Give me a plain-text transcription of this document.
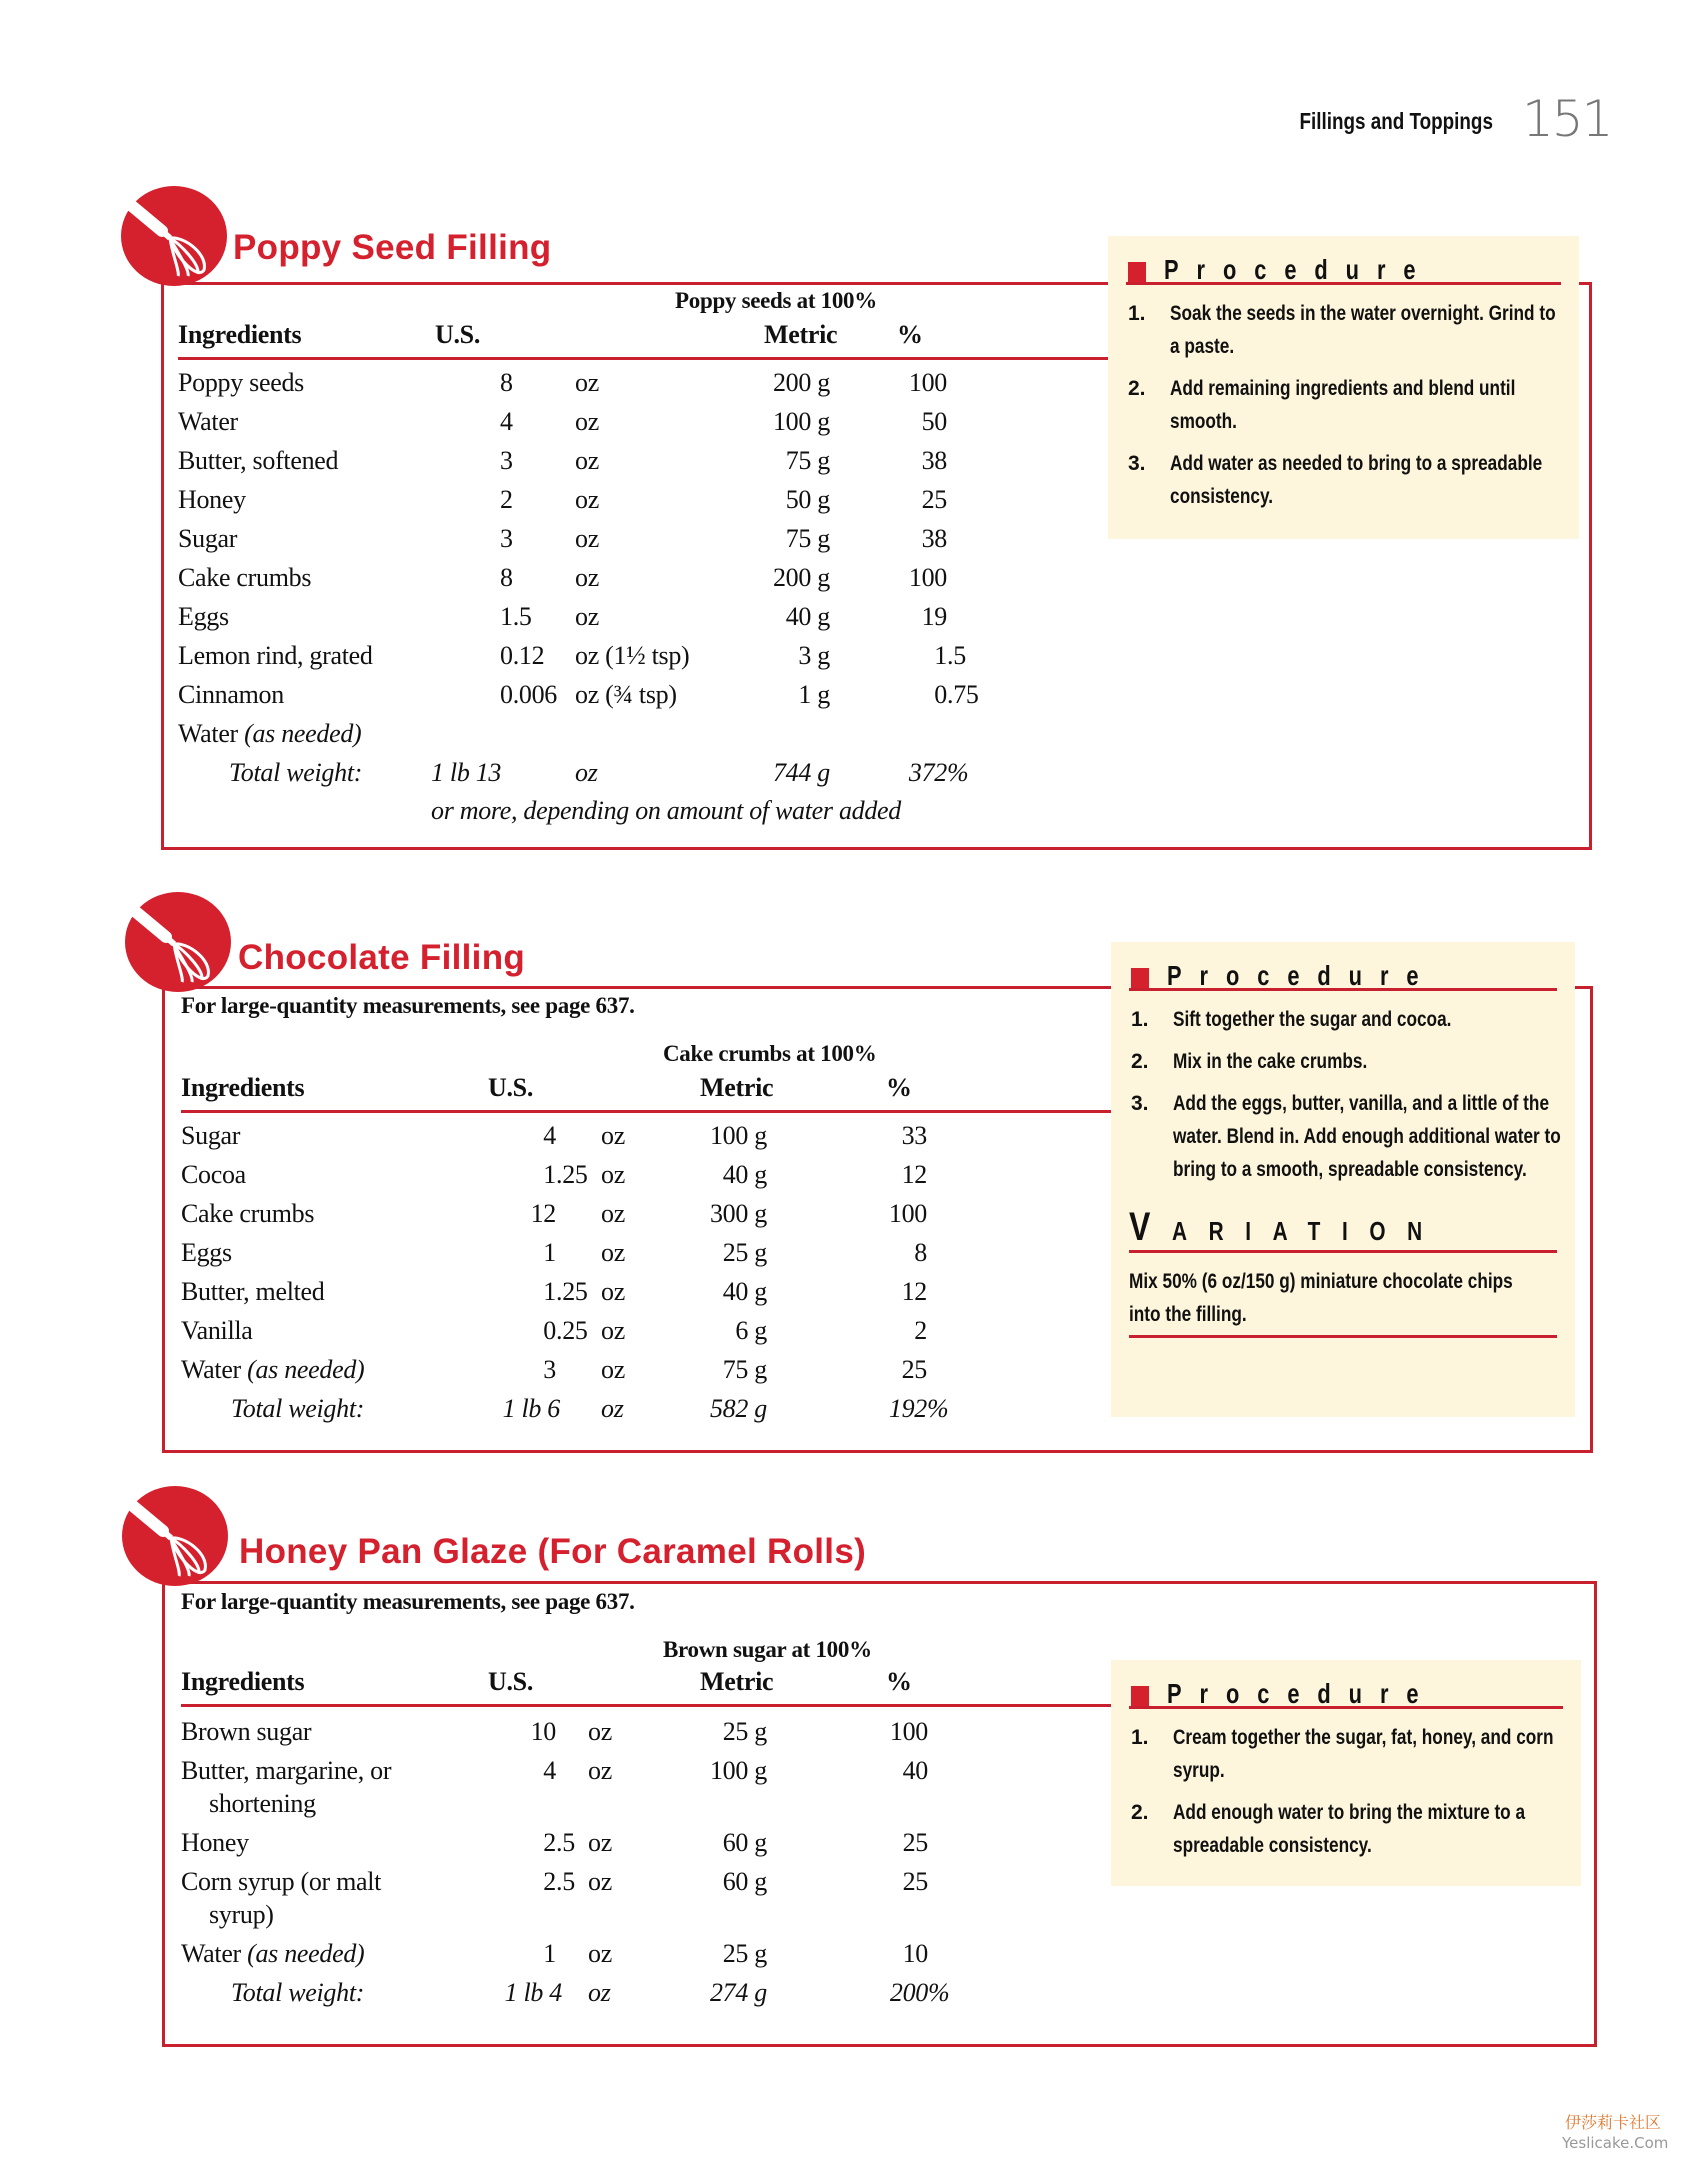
Fillings and Toppings 151
伊莎莉卡社区
Yeslicake.Com
Poppy Seed Filling
Poppy seeds at 100%
Ingredients	U.S.	Metric %
Poppy seeds	8 oz	200 g	100
Water	4 oz	100 g	50
Butter, softened	3 oz	75 g	38
Honey	2 oz	50 g	25
Sugar	3 oz	75 g	38
Cake crumbs	8 oz	200 g	100
Eggs	1.5 oz	40 g	19
Lemon rind, grated	0.12 oz (1½ tsp)	3 g	1.5
Cinnamon	0.006 oz (¾ tsp)	1 g	0.75
Water (as needed)
Total weight:	1 lb 13	oz	744 g	372%
or more, depending on amount of water added
Procedure
1. Soak the seeds in the water overnight. Grind to a paste.
2. Add remaining ingredients and blend until smooth.
3. Add water as needed to bring to a spreadable consistency.
Chocolate Filling
For large-quantity measurements, see page 637.
Cake crumbs at 100%
Ingredients	U.S.	Metric	%
Sugar	4 oz	100 g	33
Cocoa	1.25 oz	40 g	12
Cake crumbs	12 oz	300 g	100
Eggs	1 oz	25 g	8
Butter, melted	1.25 oz	40 g	12
Vanilla	0.25 oz	6 g	2
Water (as needed)	3 oz	75 g	25
Total weight:	1 lb 6 oz	582 g	192%
Procedure
1. Sift together the sugar and cocoa.
2. Mix in the cake crumbs.
3. Add the eggs, butter, vanilla, and a little of the water. Blend in. Add enough additional water to bring to a smooth, spreadable consistency.
VARIATION
Mix 50% (6 oz/150 g) miniature chocolate chips into the filling.
Honey Pan Glaze (For Caramel Rolls)
For large-quantity measurements, see page 637.
Brown sugar at 100%
Ingredients	U.S.	Metric	%
Brown sugar	10 oz	25 g	100
Butter, margarine, or	4 oz	100 g	40
shortening
Honey	2.5 oz	60 g	25
Corn syrup (or malt	2.5 oz	60 g	25
syrup)
Water (as needed)	1 oz	25 g	10
Total weight:	1 lb 4 oz	274 g	200%
Procedure
1. Cream together the sugar, fat, honey, and corn syrup.
2. Add enough water to bring the mixture to a spreadable consistency.
